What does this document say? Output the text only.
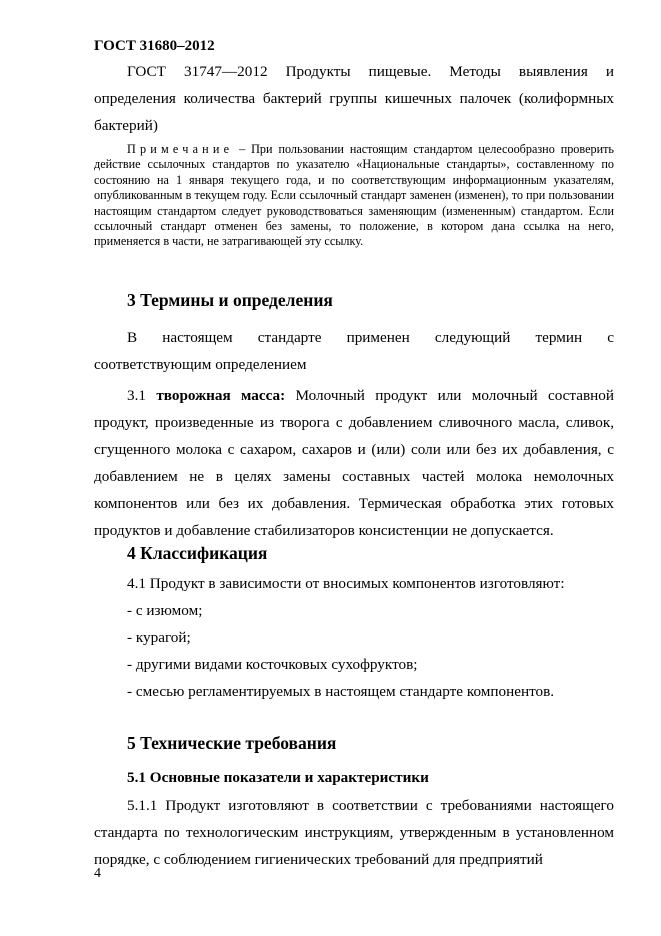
ГОСТ 31680–2012
ГОСТ 31747—2012 Продукты пищевые. Методы выявления и
определения количества бактерий группы кишечных палочек (колиформных
бактерий)
Примечание – При пользовании настоящим стандартом целесообразно проверить действие ссылочных стандартов по указателю «Национальные стандарты», составленному по состоянию на 1 января текущего года, и по соответствующим информационным указателям, опубликованным в текущем году. Если ссылочный стандарт заменен (изменен), то при пользовании настоящим стандартом следует руководствоваться заменяющим (измененным) стандартом. Если ссылочный стандарт отменен без замены, то положение, в котором дана ссылка на него, применяется в части, не затрагивающей эту ссылку.
3 Термины и определения
В настоящем стандарте применен следующий термин с
соответствующим определением
3.1 творожная масса: Молочный продукт или молочный составной продукт, произведенные из творога с добавлением сливочного масла, сливок, сгущенного молока с сахаром, сахаров и (или) соли или без их добавления, с добавлением не в целях замены составных частей молока немолочных компонентов или без их добавления. Термическая обработка этих готовых продуктов и добавление стабилизаторов консистенции не допускается.
4 Классификация
4.1 Продукт в зависимости от вносимых компонентов изготовляют:
- с изюмом;
- курагой;
- другими видами косточковых сухофруктов;
- смесью регламентируемых в настоящем стандарте компонентов.
5 Технические требования
5.1 Основные показатели и характеристики
5.1.1 Продукт изготовляют в соответствии с требованиями настоящего стандарта по технологическим инструкциям, утвержденным в установленном порядке, с соблюдением гигиенических требований для предприятий
4
